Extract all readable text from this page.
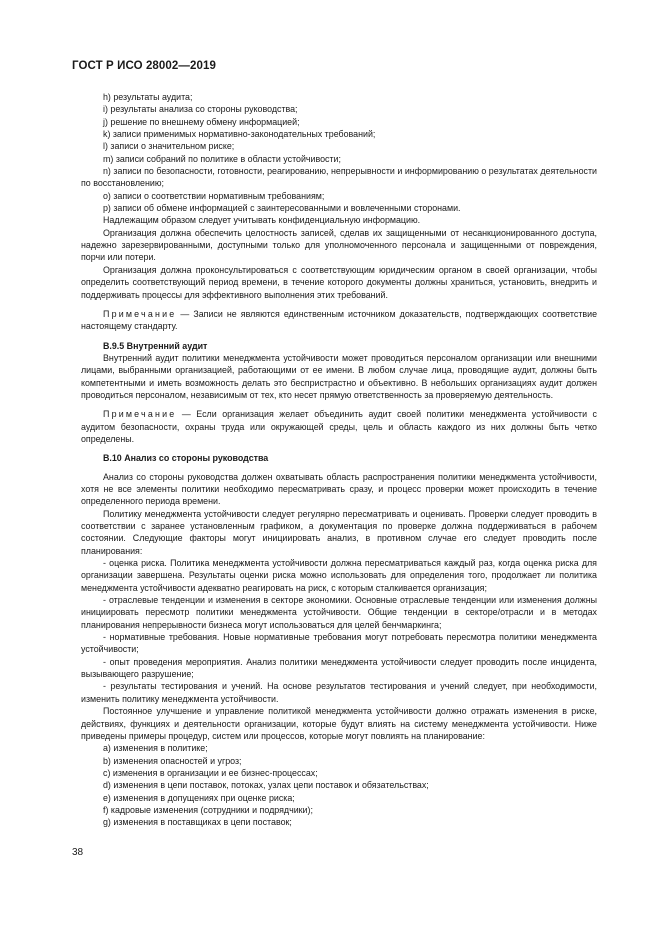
ГОСТ Р ИСО 28002—2019

h) результаты аудита;

i) результаты анализа со стороны руководства;

j) решение по внешнему обмену информацией;

k) записи применимых нормативно-законодательных требований;

l) записи о значительном риске;

m) записи собраний по политике в области устойчивости;

n) записи по безопасности, готовности, реагированию, непрерывности и информированию о результатах деятельности по восстановлению;

o) записи о соответствии нормативным требованиям;

p) записи об обмене информацией с заинтересованными и вовлеченными сторонами.

Надлежащим образом следует учитывать конфиденциальную информацию.

Организация должна обеспечить целостность записей, сделав их защищенными от несанкционированного доступа, надежно зарезервированными, доступными только для уполномоченного персонала и защищенными от повреждения, порчи или потери.

Организация должна проконсультироваться с соответствующим юридическим органом в своей организации, чтобы определить соответствующий период времени, в течение которого документы должны храниться, установить, внедрить и поддерживать процессы для эффективного выполнения этих требований.

Примечание — Записи не являются единственным источником доказательств, подтверждающих соответствие настоящему стандарту.

В.9.5 Внутренний аудит

Внутренний аудит политики менеджмента устойчивости может проводиться персоналом организации или внешними лицами, выбранными организацией, работающими от ее имени. В любом случае лица, проводящие аудит, должны быть компетентными и иметь возможность делать это беспристрастно и объективно. В небольших организациях аудит должен проводиться персоналом, независимым от тех, кто несет прямую ответственность за проверяемую деятельность.

Примечание — Если организация желает объединить аудит своей политики менеджмента устойчивости с аудитом безопасности, охраны труда или окружающей среды, цель и область каждого из них должны быть четко определены.

В.10 Анализ со стороны руководства

Анализ со стороны руководства должен охватывать область распространения политики менеджмента устойчивости, хотя не все элементы политики необходимо пересматривать сразу, и процесс проверки может происходить в течение определенного периода времени.

Политику менеджмента устойчивости следует регулярно пересматривать и оценивать. Проверки следует проводить в соответствии с заранее установленным графиком, а документация по проверке должна поддерживаться в рабочем состоянии. Следующие факторы могут инициировать анализ, в противном случае его следует проводить после планирования:

- оценка риска. Политика менеджмента устойчивости должна пересматриваться каждый раз, когда оценка риска для организации завершена. Результаты оценки риска можно использовать для определения того, продолжает ли политика менеджмента устойчивости адекватно реагировать на риск, с которым сталкивается организация;

- отраслевые тенденции и изменения в секторе экономики. Основные отраслевые тенденции или изменения должны инициировать пересмотр политики менеджмента устойчивости. Общие тенденции в секторе/отрасли и в методах планирования непрерывности бизнеса могут использоваться для целей бенчмаркинга;

- нормативные требования. Новые нормативные требования могут потребовать пересмотра политики менеджмента устойчивости;

- опыт проведения мероприятия. Анализ политики менеджмента устойчивости следует проводить после инцидента, вызывающего разрушение;

- результаты тестирования и учений. На основе результатов тестирования и учений следует, при необходимости, изменить политику менеджмента устойчивости.

Постоянное улучшение и управление политикой менеджмента устойчивости должно отражать изменения в риске, действиях, функциях и деятельности организации, которые будут влиять на систему менеджмента устойчивости. Ниже приведены примеры процедур, систем или процессов, которые могут повлиять на планирование:

a) изменения в политике;

b) изменения опасностей и угроз;

c) изменения в организации и ее бизнес-процессах;

d) изменения в цепи поставок, потоках, узлах цепи поставок и обязательствах;

e) изменения в допущениях при оценке риска;

f) кадровые изменения (сотрудники и подрядчики);

g) изменения в поставщиках в цепи поставок;

38
